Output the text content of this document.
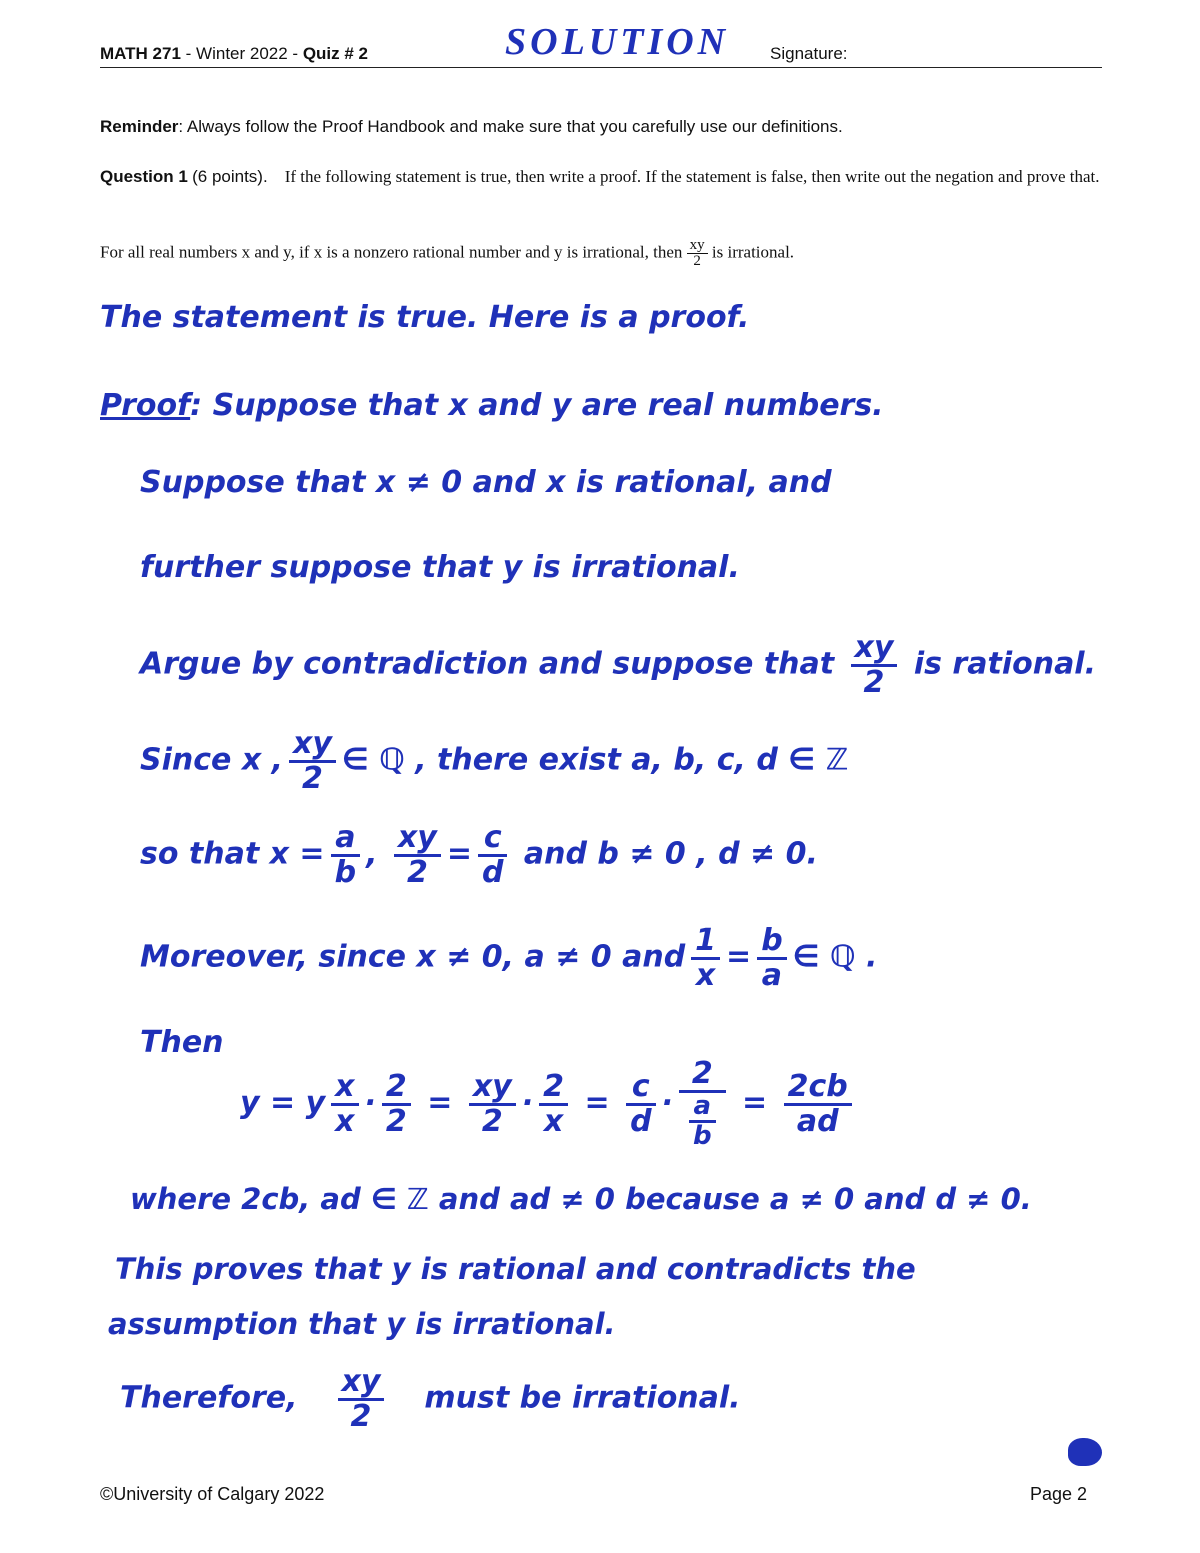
MATH 271 - Winter 2022 - Quiz # 2	SOLUTION Signature:
Reminder: Always follow the Proof Handbook and make sure that you carefully use our definitions.
Question 1 (6 points). If the following statement is true, then write a proof. If the statement is false, then write out the negation and prove that.
For all real numbers x and y, if x is a nonzero rational number and y is irrational, then $\frac{xy}{2}$ is irrational.
The statement is true. Here is a proof.
Proof: Suppose that x and y are real numbers.
Suppose that x ≠ 0 and x is rational, and
further suppose that y is irrational.
Argue by contradiction and suppose that $\frac{xy}{2}$ is rational.
Since x , $\frac{xy}{2}$ ∈ ℚ , there exist a, b, c, d ∈ ℤ
so that $x = \frac{a}{b}$ , $\frac{xy}{2} = \frac{c}{d}$ and b ≠ 0 , d ≠ 0.
Moreover, since x ≠ 0, a ≠ 0 and $\frac{1}{x} = \frac{b}{a}$ ∈ ℚ .
Then
y = y $\frac{x}{x} \cdot \frac{2}{2} = \frac{xy}{2} \cdot \frac{2}{x} = \frac{c}{d} \cdot \frac{2}{\frac{a}{b}} = \frac{2cb}{ad}$
where 2cb, ad ∈ ℤ and ad ≠ 0 because a ≠ 0 and d ≠ 0.
This proves that y is rational and contradicts the
assumption that y is irrational.
Therefore, $\frac{xy}{2}$ must be irrational.
©University of Calgary 2022	Page 2
